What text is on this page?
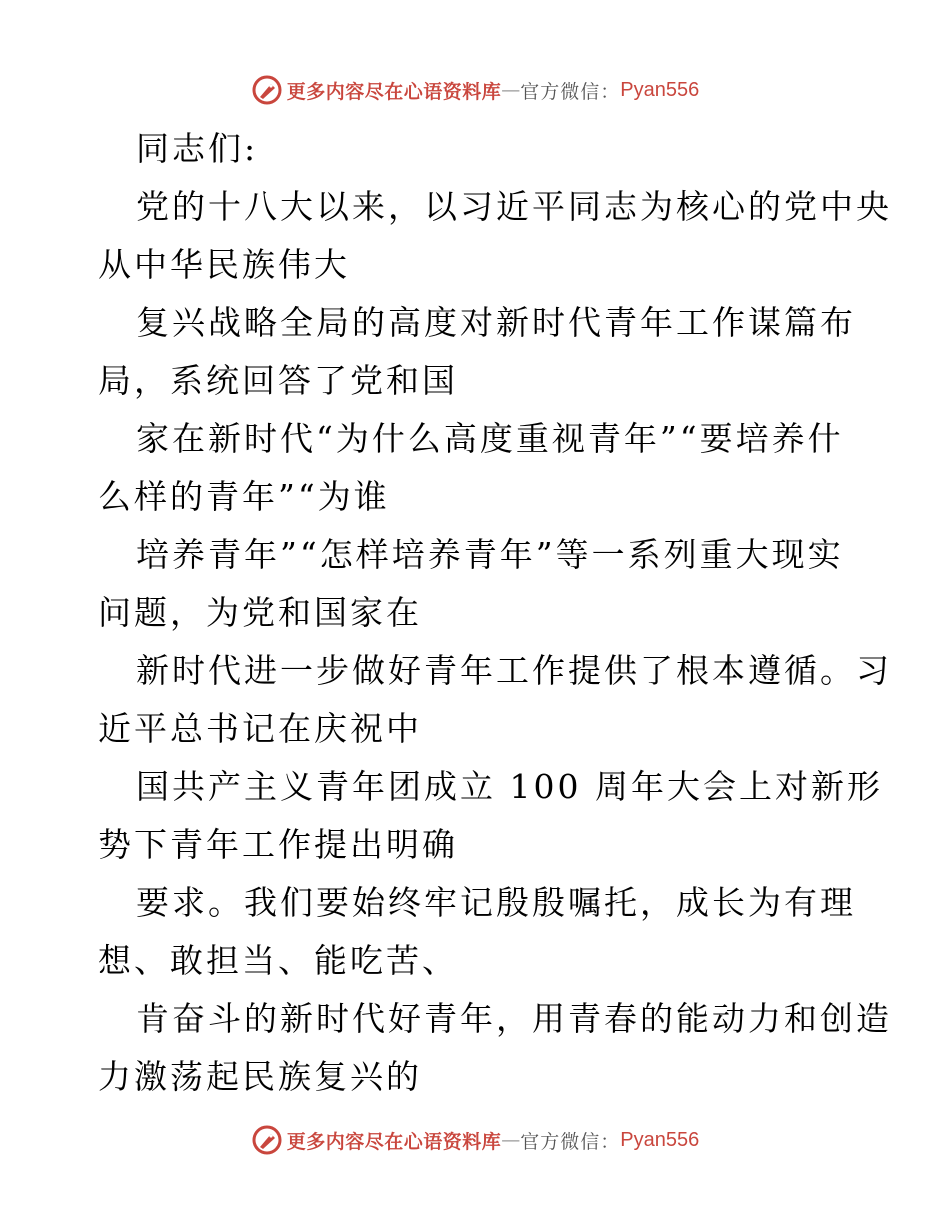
更多内容尽在心语资料库 — 官方微信： Pyan556
同志们:
党的十八大以来，以习近平同志为核心的党中央
从中华民族伟大
复兴战略全局的高度对新时代青年工作谋篇布
局，系统回答了党和国
家在新时代“为什么高度重视青年”“要培养什
么样的青年”“为谁
培养青年”“怎样培养青年”等一系列重大现实
问题，为党和国家在
新时代进一步做好青年工作提供了根本遵循。习
近平总书记在庆祝中
国共产主义青年团成立 100 周年大会上对新形
势下青年工作提出明确
要求。我们要始终牢记殷殷嘱托，成长为有理
想、敢担当、能吃苦、
肯奋斗的新时代好青年，用青春的能动力和创造
力激荡起民族复兴的
更多内容尽在心语资料库 — 官方微信： Pyan556
